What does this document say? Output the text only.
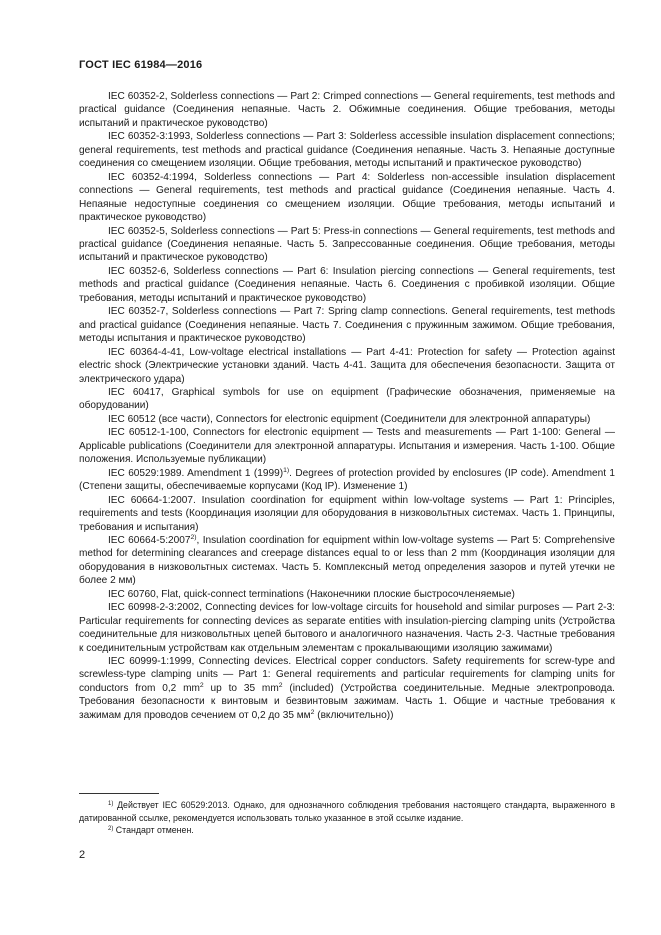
ГОСТ IEC 61984—2016

IEC 60352-2, Solderless connections — Part 2: Crimped connections — General requirements, test methods and practical guidance (Соединения непаяные. Часть 2. Обжимные соединения. Общие требования, методы испытаний и практическое руководство)

IEC 60352-3:1993, Solderless connections — Part 3: Solderless accessible insulation displacement connections; general requirements, test methods and practical guidance (Соединения непаяные. Часть 3. Непаяные доступные соединения со смещением изоляции. Общие требования, методы испытаний и практическое руководство)

IEC 60352-4:1994, Solderless connections — Part 4: Solderless non-accessible insulation displacement connections — General requirements, test methods and practical guidance (Соединения непаяные. Часть 4. Непаяные недоступные соединения со смещением изоляции. Общие требования, методы испытаний и практическое руководство)

IEC 60352-5, Solderless connections — Part 5: Press-in connections — General requirements, test methods and practical guidance (Соединения непаяные. Часть 5. Запрессованные соединения. Общие требования, методы испытаний и практическое руководство)

IEC 60352-6, Solderless connections — Part 6: Insulation piercing connections — General requirements, test methods and practical guidance (Соединения непаяные. Часть 6. Соединения с пробивкой изоляции. Общие требования, методы испытаний и практическое руководство)

IEC 60352-7, Solderless connections — Part 7: Spring clamp connections. General requirements, test methods and practical guidance (Соединения непаяные. Часть 7. Соединения с пружинным зажимом. Общие требования, методы испытания и практическое руководство)

IEC 60364-4-41, Low-voltage electrical installations — Part 4-41: Protection for safety — Protection against electric shock (Электрические установки зданий. Часть 4-41. Защита для обеспечения безопасности. Защита от электрического удара)

IEC 60417, Graphical symbols for use on equipment (Графические обозначения, применяемые на оборудовании)

IEC 60512 (все части), Connectors for electronic equipment (Соединители для электронной аппаратуры)

IEC 60512-1-100, Connectors for electronic equipment — Tests and measurements — Part 1-100: General — Applicable publications (Соединители для электронной аппаратуры. Испытания и измерения. Часть 1-100. Общие положения. Используемые публикации)

IEC 60529:1989. Amendment 1 $(1999)^{1)}$. Degrees of protection provided by enclosures (IP code). Amendment 1 (Степени защиты, обеспечиваемые корпусами (Код IP). Изменение 1)

IEC 60664-1:2007. Insulation coordination for equipment within low-voltage systems — Part 1: Principles, requirements and tests (Координация изоляции для оборудования в низковольтных системах. Часть 1. Принципы, требования и испытания)

IEC 60664-5:2007$^{2)}$, Insulation coordination for equipment within low-voltage systems — Part 5: Comprehensive method for determining clearances and creepage distances equal to or less than 2 mm (Координация изоляции для оборудования в низковольтных системах. Часть 5. Комплексный метод определения зазоров и путей утечки не более 2 мм)

IEC 60760, Flat, quick-connect terminations (Наконечники плоские быстросочленяемые)

IEC 60998-2-3:2002, Connecting devices for low-voltage circuits for household and similar purposes — Part 2-3: Particular requirements for connecting devices as separate entities with insulation-piercing clamping units (Устройства соединительные для низковольтных цепей бытового и аналогичного назначения. Часть 2-3. Частные требования к соединительным устройствам как отдельным элементам с прокалывающими изоляцию зажимами)

IEC 60999-1:1999, Connecting devices. Electrical copper conductors. Safety requirements for screw-type and screwless-type clamping units — Part 1: General requirements and particular requirements for clamping units for conductors from 0,2 $mm^2$ up to 35 $mm^2$ (included) (Устройства соединительные. Медные электропровода. Требования безопасности к винтовым и безвинтовым зажимам. Часть 1. Общие и частные требования к зажимам для проводов сечением от 0,2 до 35 $мм^2$ (включительно))

$^{1)}$ Действует IEC 60529:2013. Однако, для однозначного соблюдения требования настоящего стандарта, выраженного в датированной ссылке, рекомендуется использовать только указанное в этой ссылке издание.

$^{2)}$ Стандарт отменен.

2
